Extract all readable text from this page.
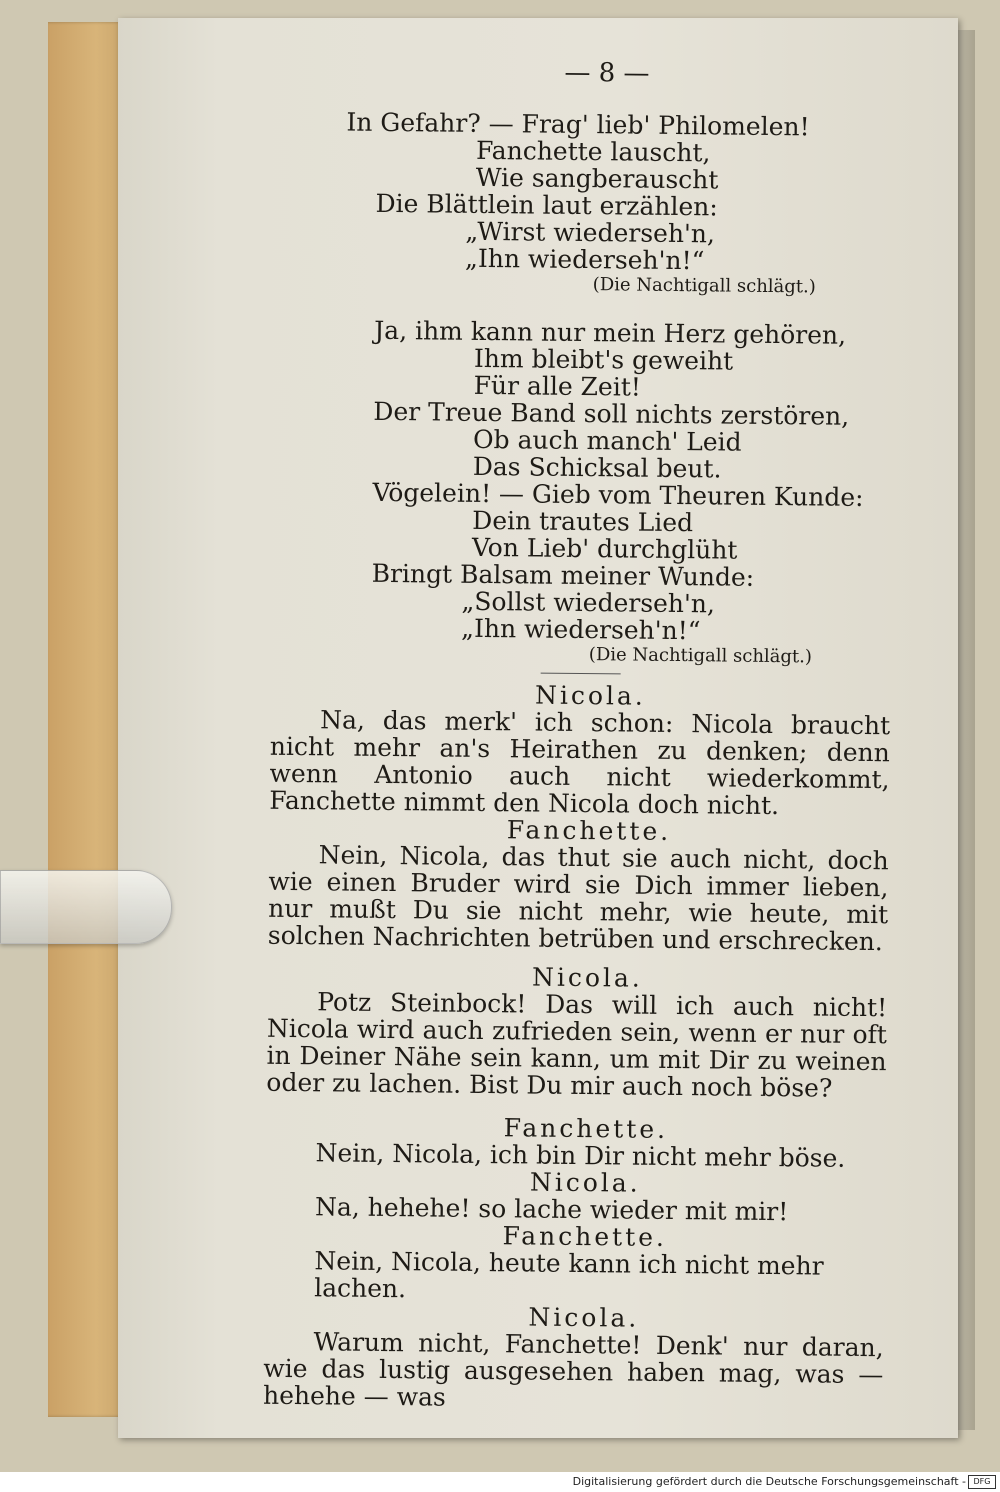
— 8 —
In Gefahr? — Frag' lieb' Philomelen!
Fanchette lauscht,
Wie sangberauscht
Die Blättlein laut erzählen:
„Wirst wiederseh'n,
„Ihn wiederseh'n!“
(Die Nachtigall schlägt.)
Ja, ihm kann nur mein Herz gehören,
Ihm bleibt's geweiht
Für alle Zeit!
Der Treue Band soll nichts zerstören,
Ob auch manch' Leid
Das Schicksal beut.
Vögelein! — Gieb vom Theuren Kunde:
Dein trautes Lied
Von Lieb' durchglüht
Bringt Balsam meiner Wunde:
„Sollst wiederseh'n,
„Ihn wiederseh'n!“
(Die Nachtigall schlägt.)
Nicola.

Na, das merk' ich schon: Nicola braucht nicht mehr an's Heirathen zu denken; denn wenn Antonio auch nicht wiederkommt, Fanchette nimmt den Nicola doch nicht.

Fanchette.

Nein, Nicola, das thut sie auch nicht, doch wie einen Bruder wird sie Dich immer lieben, nur mußt Du sie nicht mehr, wie heute, mit solchen Nachrichten betrüben und erschrecken.

Nicola.

Potz Steinbock! Das will ich auch nicht! Nicola wird auch zufrieden sein, wenn er nur oft in Deiner Nähe sein kann, um mit Dir zu weinen oder zu lachen. Bist Du mir auch noch böse?

Fanchette.
Nein, Nicola, ich bin Dir nicht mehr böse.
Nicola.
Na, hehehe! so lache wieder mit mir!
Fanchette.
Nein, Nicola, heute kann ich nicht mehr lachen.
Nicola.

Warum nicht, Fanchette! Denk' nur daran, wie das lustig ausgesehen haben mag, was — hehehe — was

Digitalisierung gefördert durch die Deutsche Forschungsgemeinschaft - DFG
